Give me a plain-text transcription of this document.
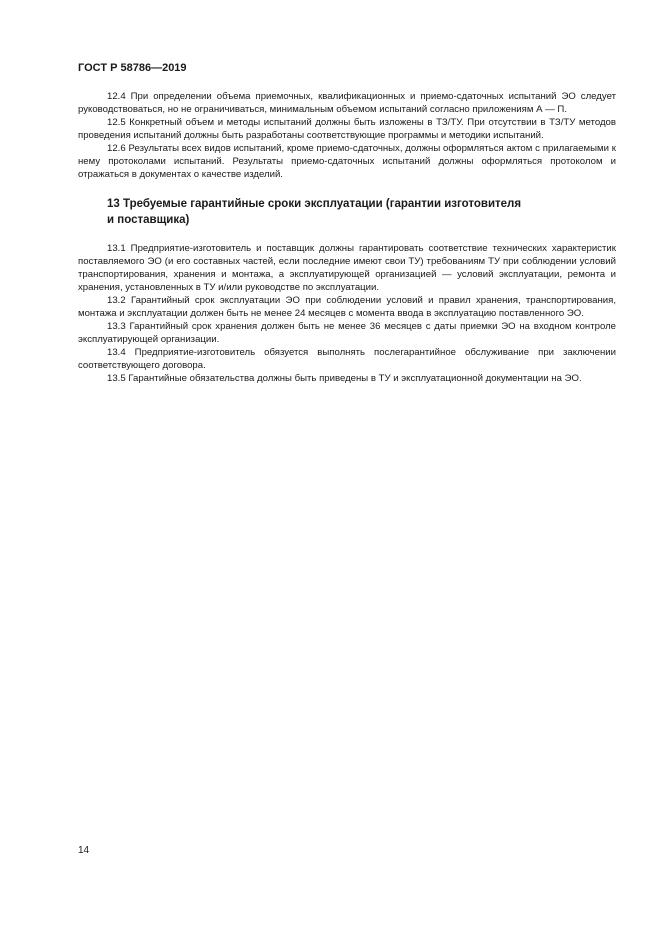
ГОСТ Р 58786—2019

12.4 При определении объема приемочных, квалификационных и приемо-сдаточных испытаний ЭО следует руководствоваться, но не ограничиваться, минимальным объемом испытаний согласно приложениям А — П.

12.5 Конкретный объем и методы испытаний должны быть изложены в ТЗ/ТУ. При отсутствии в ТЗ/ТУ методов проведения испытаний должны быть разработаны соответствующие программы и методики испытаний.

12.6 Результаты всех видов испытаний, кроме приемо-сдаточных, должны оформляться актом с прилагаемыми к нему протоколами испытаний. Результаты приемо-сдаточных испытаний должны оформляться протоколом и отражаться в документах о качестве изделий.

13 Требуемые гарантийные сроки эксплуатации (гарантии изготовителя
и поставщика)

13.1 Предприятие-изготовитель и поставщик должны гарантировать соответствие технических характеристик поставляемого ЭО (и его составных частей, если последние имеют свои ТУ) требованиям ТУ при соблюдении условий транспортирования, хранения и монтажа, а эксплуатирующей организацией — условий эксплуатации, ремонта и хранения, установленных в ТУ и/или руководстве по эксплуатации.

13.2 Гарантийный срок эксплуатации ЭО при соблюдении условий и правил хранения, транспортирования, монтажа и эксплуатации должен быть не менее 24 месяцев с момента ввода в эксплуатацию поставленного ЭО.

13.3 Гарантийный срок хранения должен быть не менее 36 месяцев с даты приемки ЭО на входном контроле эксплуатирующей организации.

13.4 Предприятие-изготовитель обязуется выполнять послегарантийное обслуживание при заключении соответствующего договора.

13.5 Гарантийные обязательства должны быть приведены в ТУ и эксплуатационной документации на ЭО.

14
